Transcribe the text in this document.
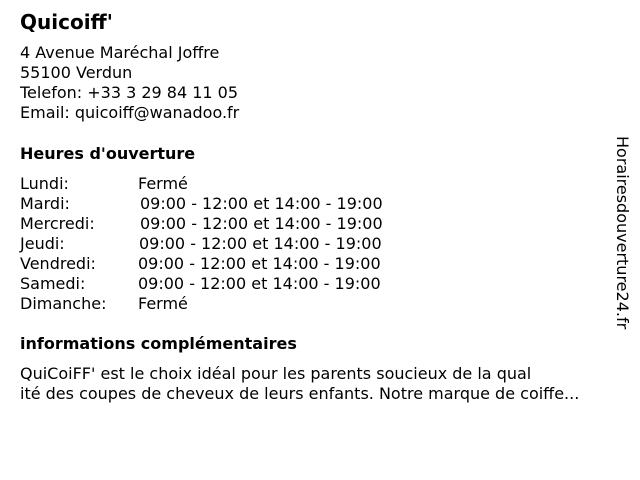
Quicoiff'
4 Avenue Maréchal Joffre
55100 Verdun
Telefon: +33 3 29 84 11 05
Email: quicoiff@wanadoo.fr
Heures d'ouverture
Lundi:	Fermé
Mardi:	09:00 - 12:00 et 14:00 - 19:00
Mercredi:	09:00 - 12:00 et 14:00 - 19:00
Jeudi:	09:00 - 12:00 et 14:00 - 19:00
Vendredi:	09:00 - 12:00 et 14:00 - 19:00
Samedi:	09:00 - 12:00 et 14:00 - 19:00
Dimanche: Fermé
informations complémentaires
QuiCoiFF' est le choix idéal pour les parents soucieux de la qual
ité des coupes de cheveux de leurs enfants. Notre marque de coiffe...
Horairesdouverture24.fr
